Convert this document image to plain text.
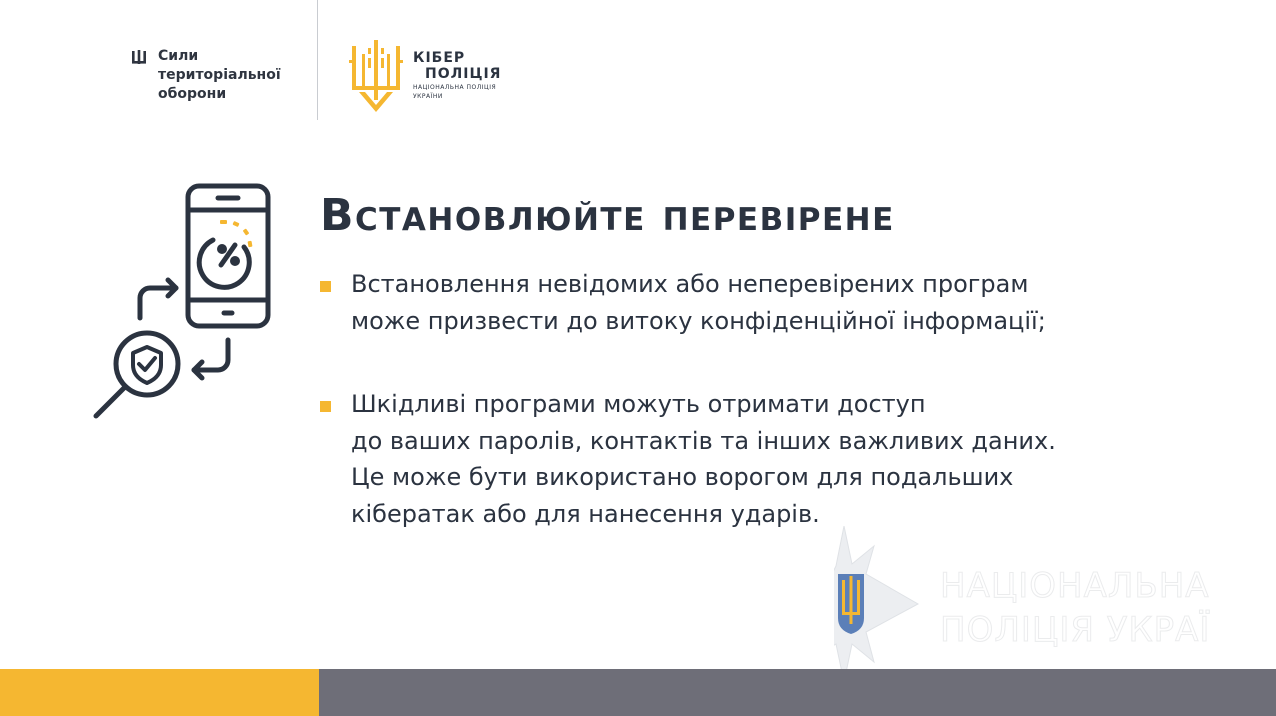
Сили
територіальної
оборони
КІБЕР
ПОЛІЦІЯ
НАЦІОНАЛЬНА ПОЛІЦІЯ
УКРАЇНИ
Встановлюйте перевірене
Встановлення невідомих або неперевірених програм
може призвести до витоку конфіденційної інформації;
Шкідливі програми можуть отримати доступ
до ваших паролів, контактів та інших важливих даних.
Це може бути використано ворогом для подальших
кібератак або для нанесення ударів.
НАЦІОНАЛЬНА
ПОЛІЦІЯ УКРАЇ
